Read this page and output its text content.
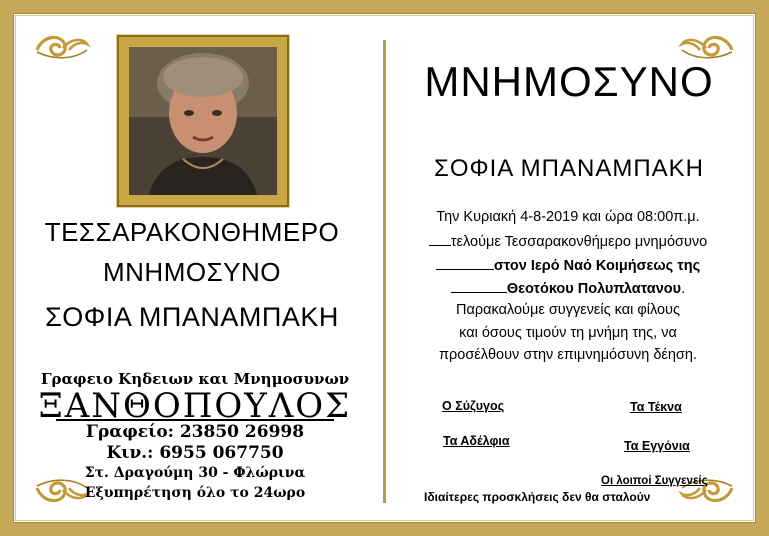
ΤΕΣΣΑΡΑΚΟΝΘΗΜΕΡΟ
ΜΝΗΜΟΣΥΝΟ
ΣΟΦΙΑ ΜΠΑΝΑΜΠΑΚΗ
Γραφειο Κηδειων και Μνημοσυνων
ΞΑΝΘΟΠΟΥΛΟΣ
Γραφείο: 23850 26998
Κιν.: 6955 067750
Στ. Δραγούμη 30 - Φλώρινα
Εξυπηρέτηση όλο το 24ωρο
ΜΝΗΜΟΣΥΝΟ
ΣΟΦΙΑ ΜΠΑΝΑΜΠΑΚΗ
Την Κυριακή 4-8-2019 και ώρα 08:00π.μ.
τελούμε Τεσσαρακονθήμερο μνημόσυνο
στον Ιερό Ναό Κοιμήσεως της
Θεοτόκου Πολυπλατανου.
Παρακαλούμε συγγενείς και φίλους
και όσους τιμούν τη μνήμη της, να
προσέλθουν στην επιμνημόσυνη δέηση.
Ο Σύζυγος	Τα Τέκνα
Τα Αδέλφια	Τα Εγγόνια
Οι λοιποί Συγγενείς
Ιδιαίτερες προσκλήσεις δεν θα σταλούν
